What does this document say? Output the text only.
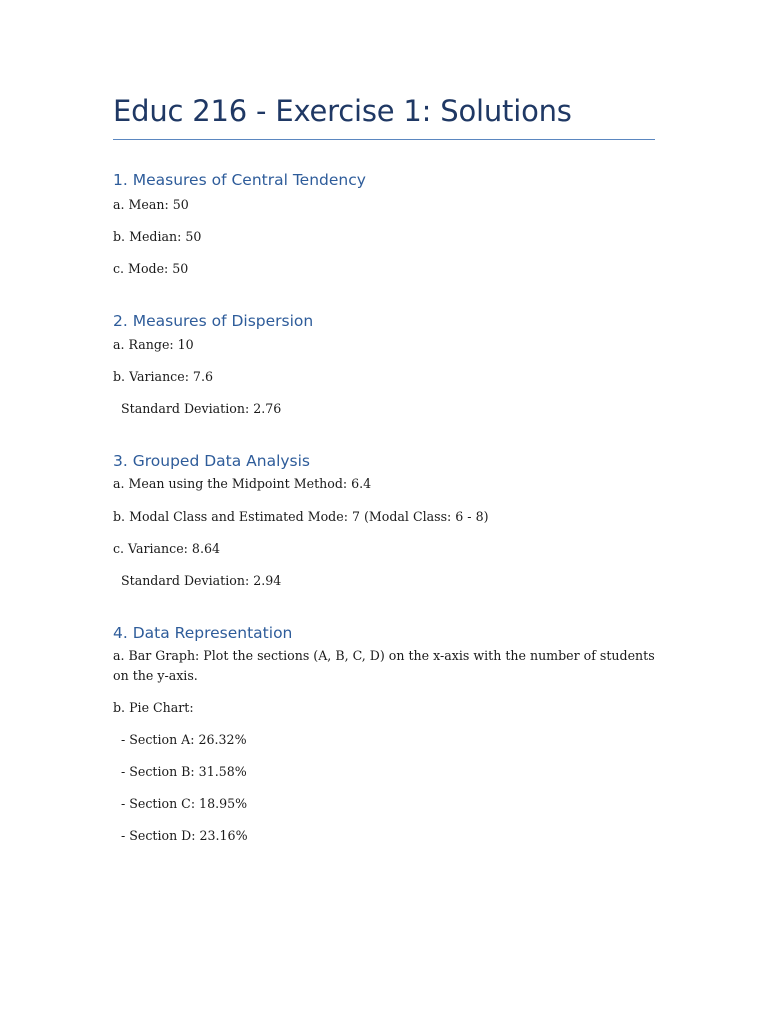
Educ 216 - Exercise 1: Solutions
1. Measures of Central Tendency

a. Mean: 50

b. Median: 50

c. Mode: 50

2. Measures of Dispersion

a. Range: 10

b. Variance: 7.6

Standard Deviation: 2.76

3. Grouped Data Analysis

a. Mean using the Midpoint Method: 6.4

b. Modal Class and Estimated Mode: 7 (Modal Class: 6 - 8)

c. Variance: 8.64

Standard Deviation: 2.94

4. Data Representation

a. Bar Graph: Plot the sections (A, B, C, D) on the x-axis with the number of students on the y-axis.

b. Pie Chart:

- Section A: 26.32%

- Section B: 31.58%

- Section C: 18.95%

- Section D: 23.16%
